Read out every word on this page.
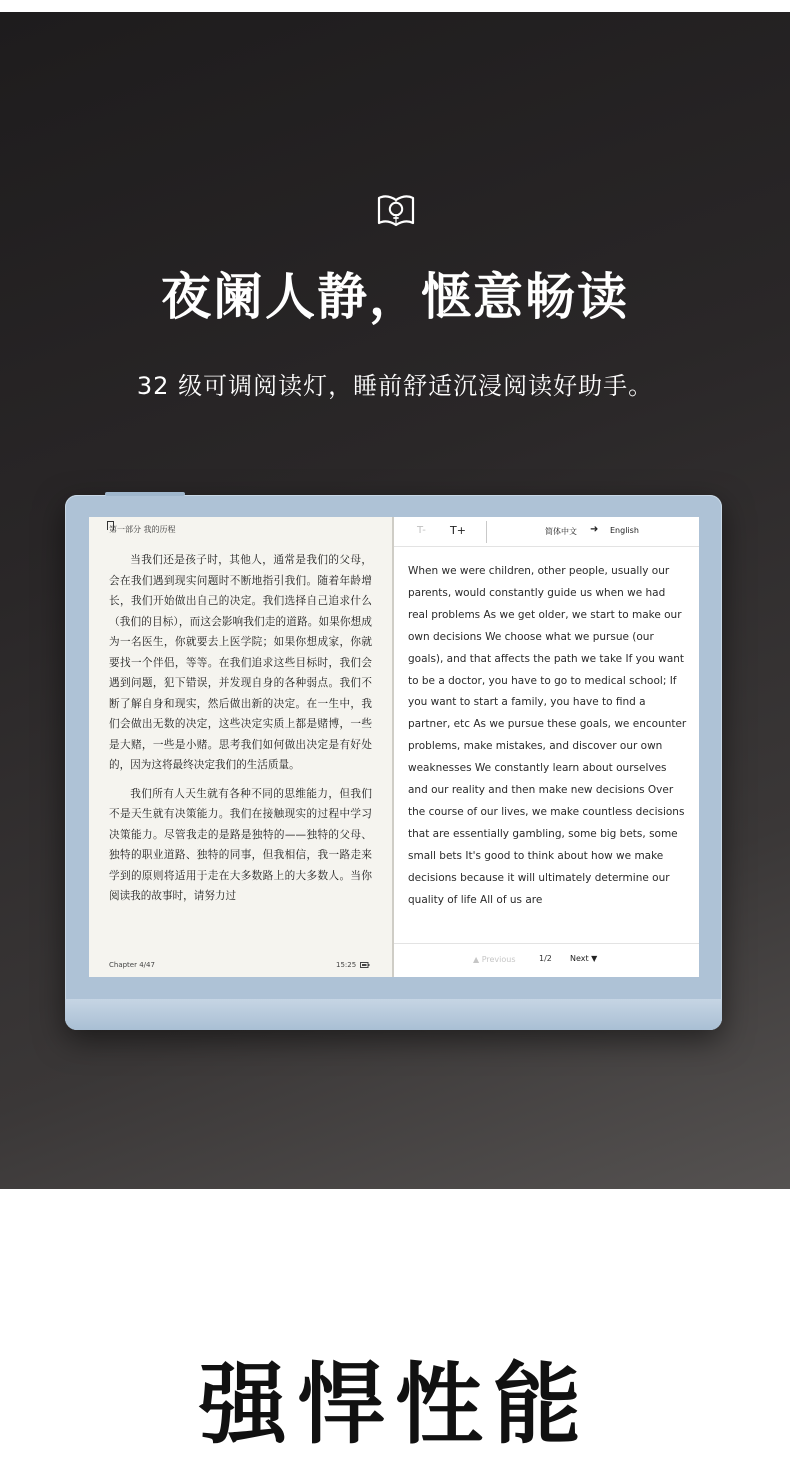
夜阑人静，惬意畅读

32 级可调阅读灯，睡前舒适沉浸阅读好助手。

第一部分 我的历程

当我们还是孩子时，其他人，通常是我们的父母，会在我们遇到现实问题时不断地指引我们。随着年龄增长，我们开始做出自己的决定。我们选择自己追求什么（我们的目标），而这会影响我们走的道路。如果你想成为一名医生，你就要去上医学院；如果你想成家，你就要找一个伴侣，等等。在我们追求这些目标时，我们会遇到问题，犯下错误，并发现自身的各种弱点。我们不断了解自身和现实，然后做出新的决定。在一生中，我们会做出无数的决定，这些决定实质上都是赌博，一些是大赌，一些是小赌。思考我们如何做出决定是有好处的，因为这将最终决定我们的生活质量。

我们所有人天生就有各种不同的思维能力，但我们不是天生就有决策能力。我们在接触现实的过程中学习决策能力。尽管我走的是路是独特的——独特的父母、独特的职业道路、独特的同事，但我相信，我一路走来学到的原则将适用于走在大多数路上的大多数人。当你阅读我的故事时，请努力过

Chapter 4/47	15:25
T- T+	简体中文 ➜ English
When we were children, other people, usually our parents, would constantly guide us when we had real problems As we get older, we start to make our own decisions We choose what we pursue (our goals), and that affects the path we take If you want to be a doctor, you have to go to medical school; If you want to start a family, you have to find a partner, etc As we pursue these goals, we encounter problems, make mistakes, and discover our own weaknesses We constantly learn about ourselves and our reality and then make new decisions Over the course of our lives, we make countless decisions that are essentially gambling, some big bets, some small bets It's good to think about how we make decisions because it will ultimately determine our quality of life All of us are
▲ Previous	1/2 Next ▼
强悍性能
